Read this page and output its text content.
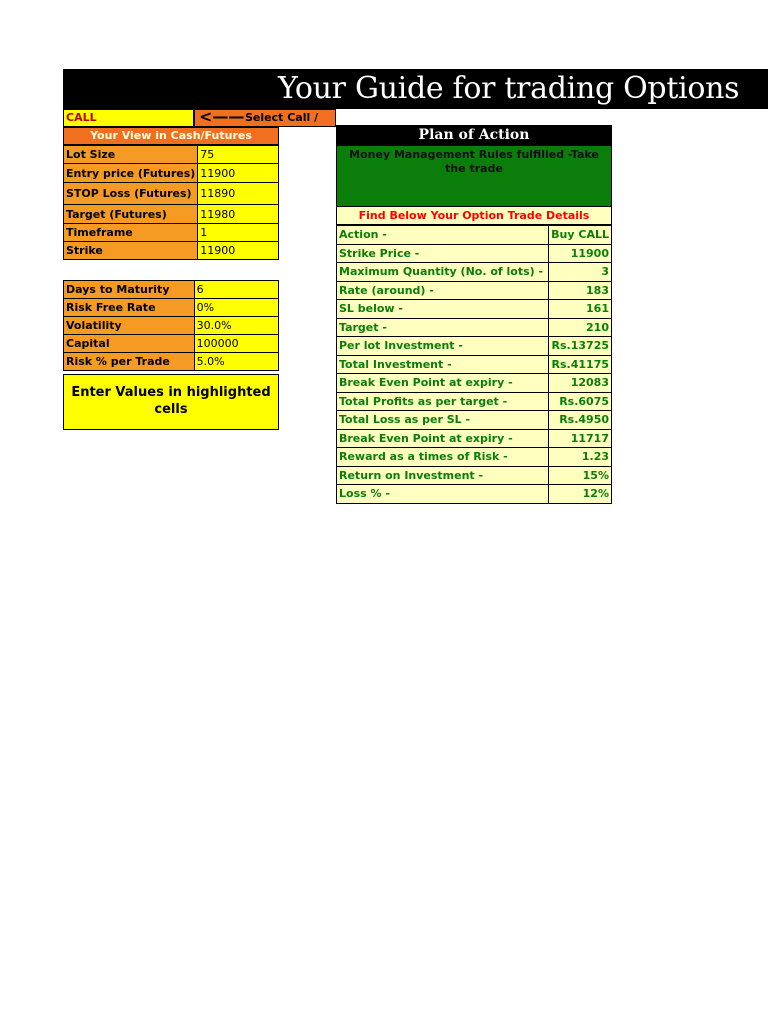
Your Guide for trading Options
CALL	<—— Select Call /
Your View in Cash/Futures
Lot Size	75
Entry price (Futures)	11900
STOP Loss (Futures)	11890
Target (Futures)	11980
Timeframe	1
Strike	11900
Days to Maturity	6
Risk Free Rate	0%
Volatility	30.0%
Capital	100000
Risk % per Trade	5.0%
Enter Values in highlighted cells
Plan of Action
Money Management Rules fulfilled -Take the trade
Find Below Your Option Trade Details
Action -	Buy CALL
Strike Price -	11900
Maximum Quantity (No. of lots) -	3
Rate (around) -	183
SL below -	161
Target -	210
Per lot Investment -	Rs.13725
Total Investment -	Rs.41175
Break Even Point at expiry -	12083
Total Profits as per target -	Rs.6075
Total Loss as per SL -	Rs.4950
Break Even Point at expiry -	11717
Reward as a times of Risk -	1.23
Return on Investment -	15%
Loss % -	12%
